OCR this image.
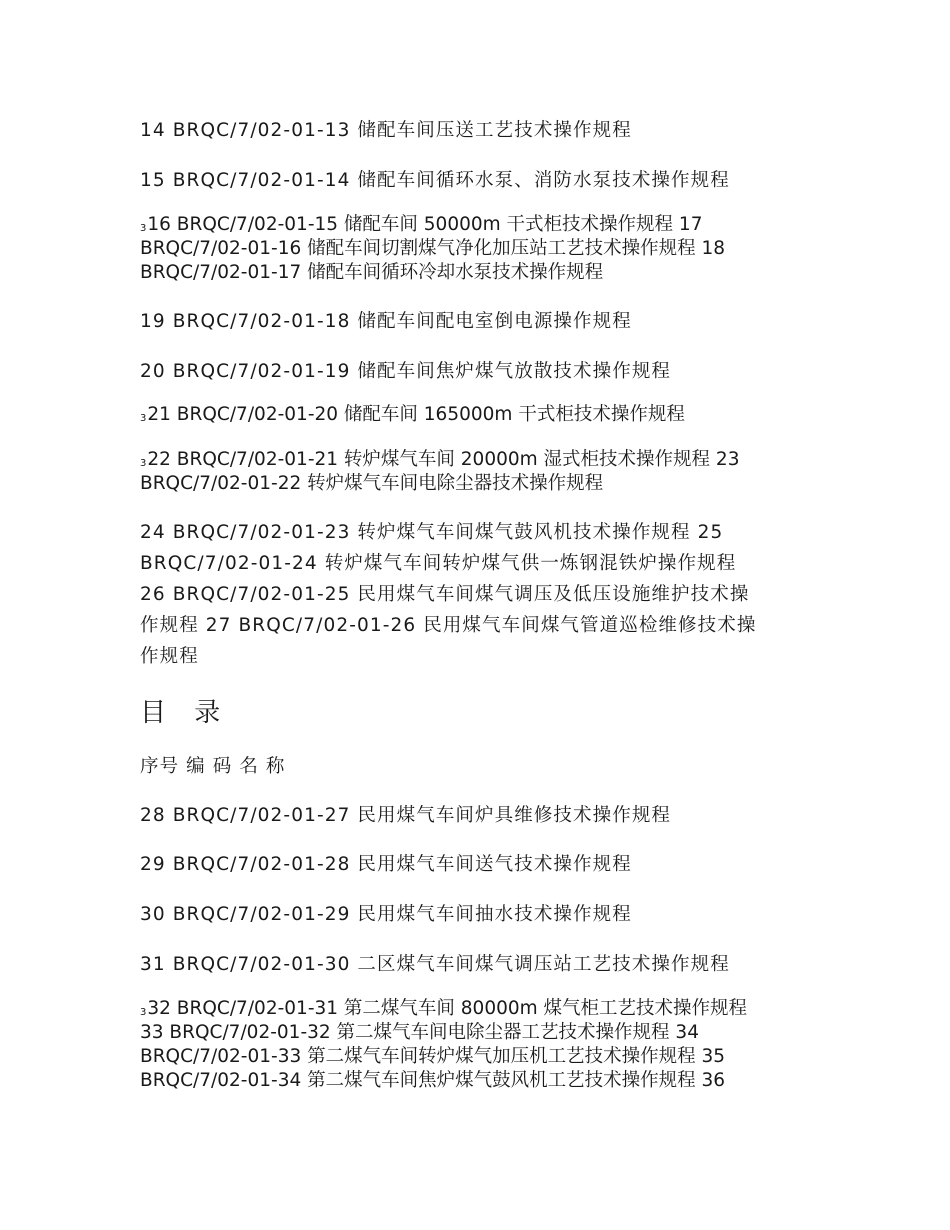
14 BRQC/7/02-01-13 储配车间压送工艺技术操作规程
15 BRQC/7/02-01-14 储配车间循环水泵、消防水泵技术操作规程
316 BRQC/7/02-01-15 储配车间 50000m 干式柜技术操作规程 17
BRQC/7/02-01-16 储配车间切割煤气净化加压站工艺技术操作规程 18
BRQC/7/02-01-17 储配车间循环冷却水泵技术操作规程
19 BRQC/7/02-01-18 储配车间配电室倒电源操作规程
20 BRQC/7/02-01-19 储配车间焦炉煤气放散技术操作规程
321 BRQC/7/02-01-20 储配车间 165000m 干式柜技术操作规程
322 BRQC/7/02-01-21 转炉煤气车间 20000m 湿式柜技术操作规程 23
BRQC/7/02-01-22 转炉煤气车间电除尘器技术操作规程
24 BRQC/7/02-01-23 转炉煤气车间煤气鼓风机技术操作规程 25
BRQC/7/02-01-24 转炉煤气车间转炉煤气供一炼钢混铁炉操作规程
26 BRQC/7/02-01-25 民用煤气车间煤气调压及低压设施维护技术操
作规程 27 BRQC/7/02-01-26 民用煤气车间煤气管道巡检维修技术操
作规程
目 录
序号 编 码 名 称
28 BRQC/7/02-01-27 民用煤气车间炉具维修技术操作规程
29 BRQC/7/02-01-28 民用煤气车间送气技术操作规程
30 BRQC/7/02-01-29 民用煤气车间抽水技术操作规程
31 BRQC/7/02-01-30 二区煤气车间煤气调压站工艺技术操作规程
332 BRQC/7/02-01-31 第二煤气车间 80000m 煤气柜工艺技术操作规程
33 BRQC/7/02-01-32 第二煤气车间电除尘器工艺技术操作规程 34
BRQC/7/02-01-33 第二煤气车间转炉煤气加压机工艺技术操作规程 35
BRQC/7/02-01-34 第二煤气车间焦炉煤气鼓风机工艺技术操作规程 36
